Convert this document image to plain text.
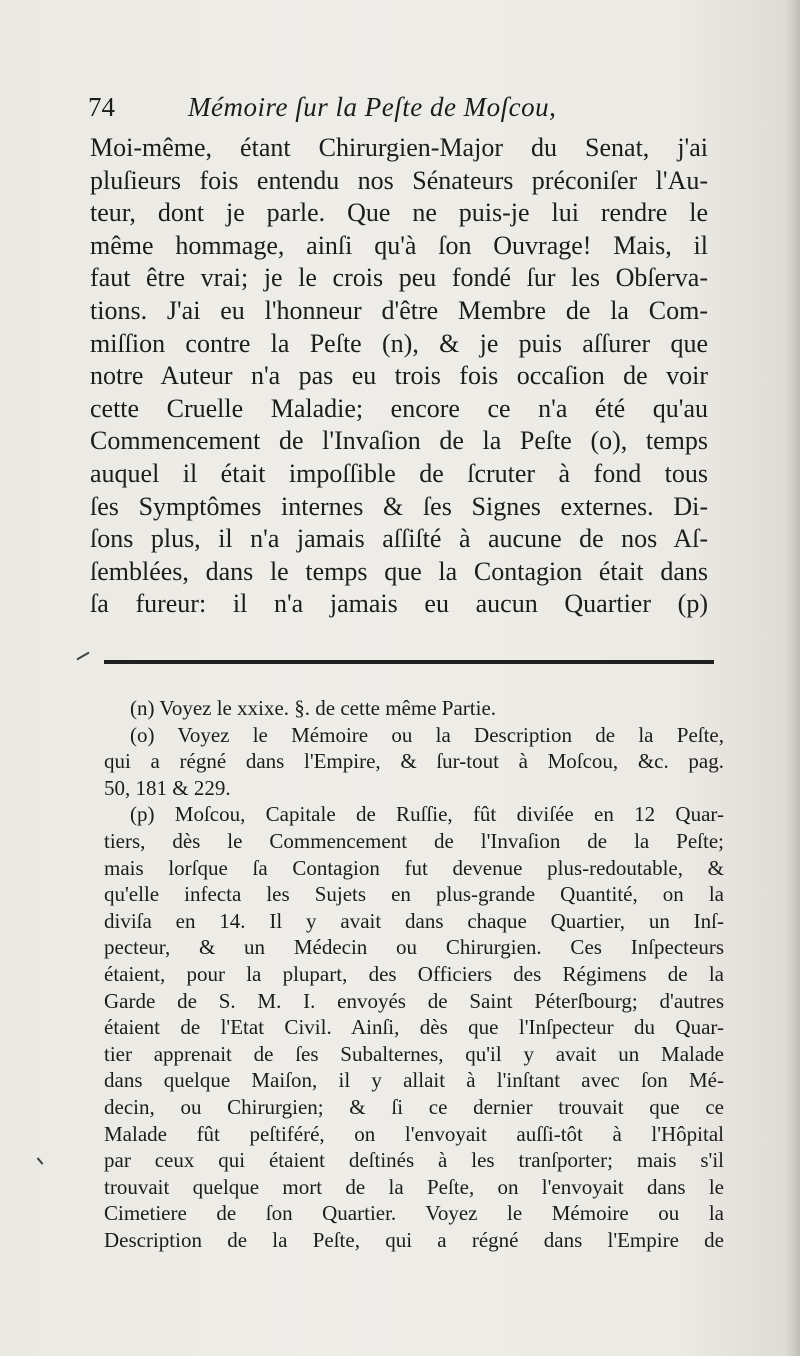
74	Mémoire ſur la Peſte de Moſcou,
Moi-même, étant Chirurgien-Major du Senat, j'ai
pluſieurs fois entendu nos Sénateurs préconiſer l'Au-
teur, dont je parle. Que ne puis-je lui rendre le
même hommage, ainſi qu'à ſon Ouvrage! Mais, il
faut être vrai; je le crois peu fondé ſur les Obſerva-
tions. J'ai eu l'honneur d'être Membre de la Com-
miſſion contre la Peſte (n), & je puis aſſurer que
notre Auteur n'a pas eu trois fois occaſion de voir
cette Cruelle Maladie; encore ce n'a été qu'au
Commencement de l'Invaſion de la Peſte (o), temps
auquel il était impoſſible de ſcruter à fond tous
ſes Symptômes internes & ſes Signes externes. Di-
ſons plus, il n'a jamais aſſiſté à aucune de nos Aſ-
ſemblées, dans le temps que la Contagion était dans
ſa fureur: il n'a jamais eu aucun Quartier (p)
(n) Voyez le xxixe. §. de cette même Partie.
(o) Voyez le Mémoire ou la Description de la Peſte,
qui a régné dans l'Empire, & ſur-tout à Moſcou, &c. pag.
50, 181 & 229.
(p) Moſcou, Capitale de Ruſſie, fût diviſée en 12 Quar-
tiers, dès le Commencement de l'Invaſion de la Peſte;
mais lorſque ſa Contagion fut devenue plus-redoutable, &
qu'elle infecta les Sujets en plus-grande Quantité, on la
diviſa en 14. Il y avait dans chaque Quartier, un Inſ-
pecteur, & un Médecin ou Chirurgien. Ces Inſpecteurs
étaient, pour la plupart, des Officiers des Régimens de la
Garde de S. M. I. envoyés de Saint Péterſbourg; d'autres
étaient de l'Etat Civil. Ainſi, dès que l'Inſpecteur du Quar-
tier apprenait de ſes Subalternes, qu'il y avait un Malade
dans quelque Maiſon, il y allait à l'inſtant avec ſon Mé-
decin, ou Chirurgien; & ſi ce dernier trouvait que ce
Malade fût peſtiféré, on l'envoyait auſſi-tôt à l'Hôpital
par ceux qui étaient deſtinés à les tranſporter; mais s'il
trouvait quelque mort de la Peſte, on l'envoyait dans le
Cimetiere de ſon Quartier. Voyez le Mémoire ou la
Description de la Peſte, qui a régné dans l'Empire de
